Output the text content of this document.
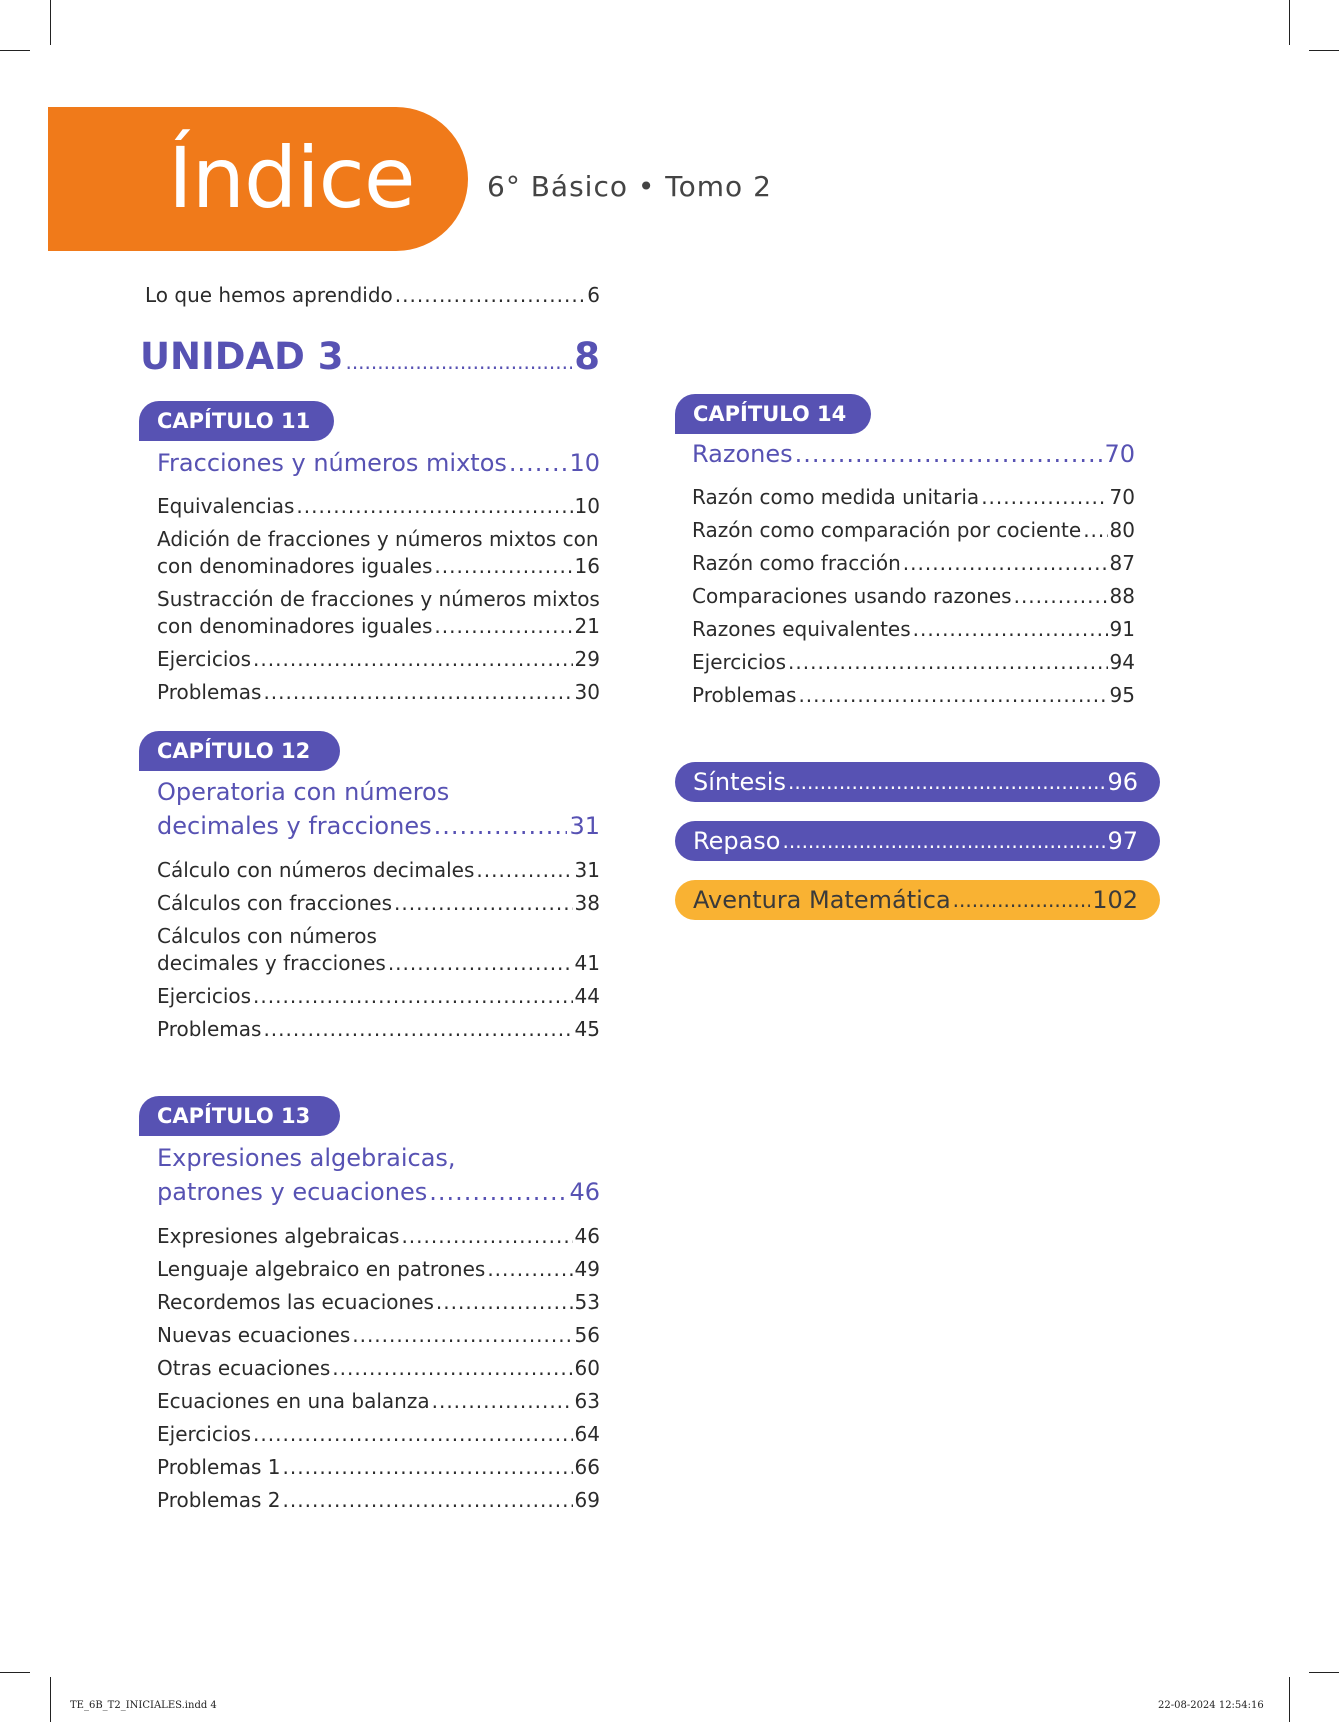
Índice	6° Básico • Tomo 2
Lo que hemos aprendido .....	6
UNIDAD 3 .....	8
CAPÍTULO 11
Fracciones y números mixtos .....	10
Equivalencias .....	10
Adición de fracciones y números mixtos con
con denominadores iguales .....	16
Sustracción de fracciones y números mixtos
con denominadores iguales .....	21
Ejercicios .....	29
Problemas .....	30
CAPÍTULO 12
Operatoria con números
decimales y fracciones .....	31
Cálculo con números decimales .....	31
Cálculos con fracciones .....	38
Cálculos con números
decimales y fracciones .....	41
Ejercicios .....	44
Problemas .....	45
CAPÍTULO 13
Expresiones algebraicas,
patrones y ecuaciones .....	46
Expresiones algebraicas .....	46
Lenguaje algebraico en patrones .....	49
Recordemos las ecuaciones .....	53
Nuevas ecuaciones .....	56
Otras ecuaciones .....	60
Ecuaciones en una balanza .....	63
Ejercicios .....	64
Problemas 1 .....	66
Problemas 2 .....	69
CAPÍTULO 14
Razones .....	70
Razón como medida unitaria .....	70
Razón como comparación por cociente ..... 80
Razón como fracción .....	87
Comparaciones usando razones .....	88
Razones equivalentes .....	91
Ejercicios .....	94
Problemas .....	95
Síntesis .....	96
Repaso .....	97
Aventura Matemática .....	102
TE_6B_T2_INICIALES.indd 4	22-08-2024 12:54:16
